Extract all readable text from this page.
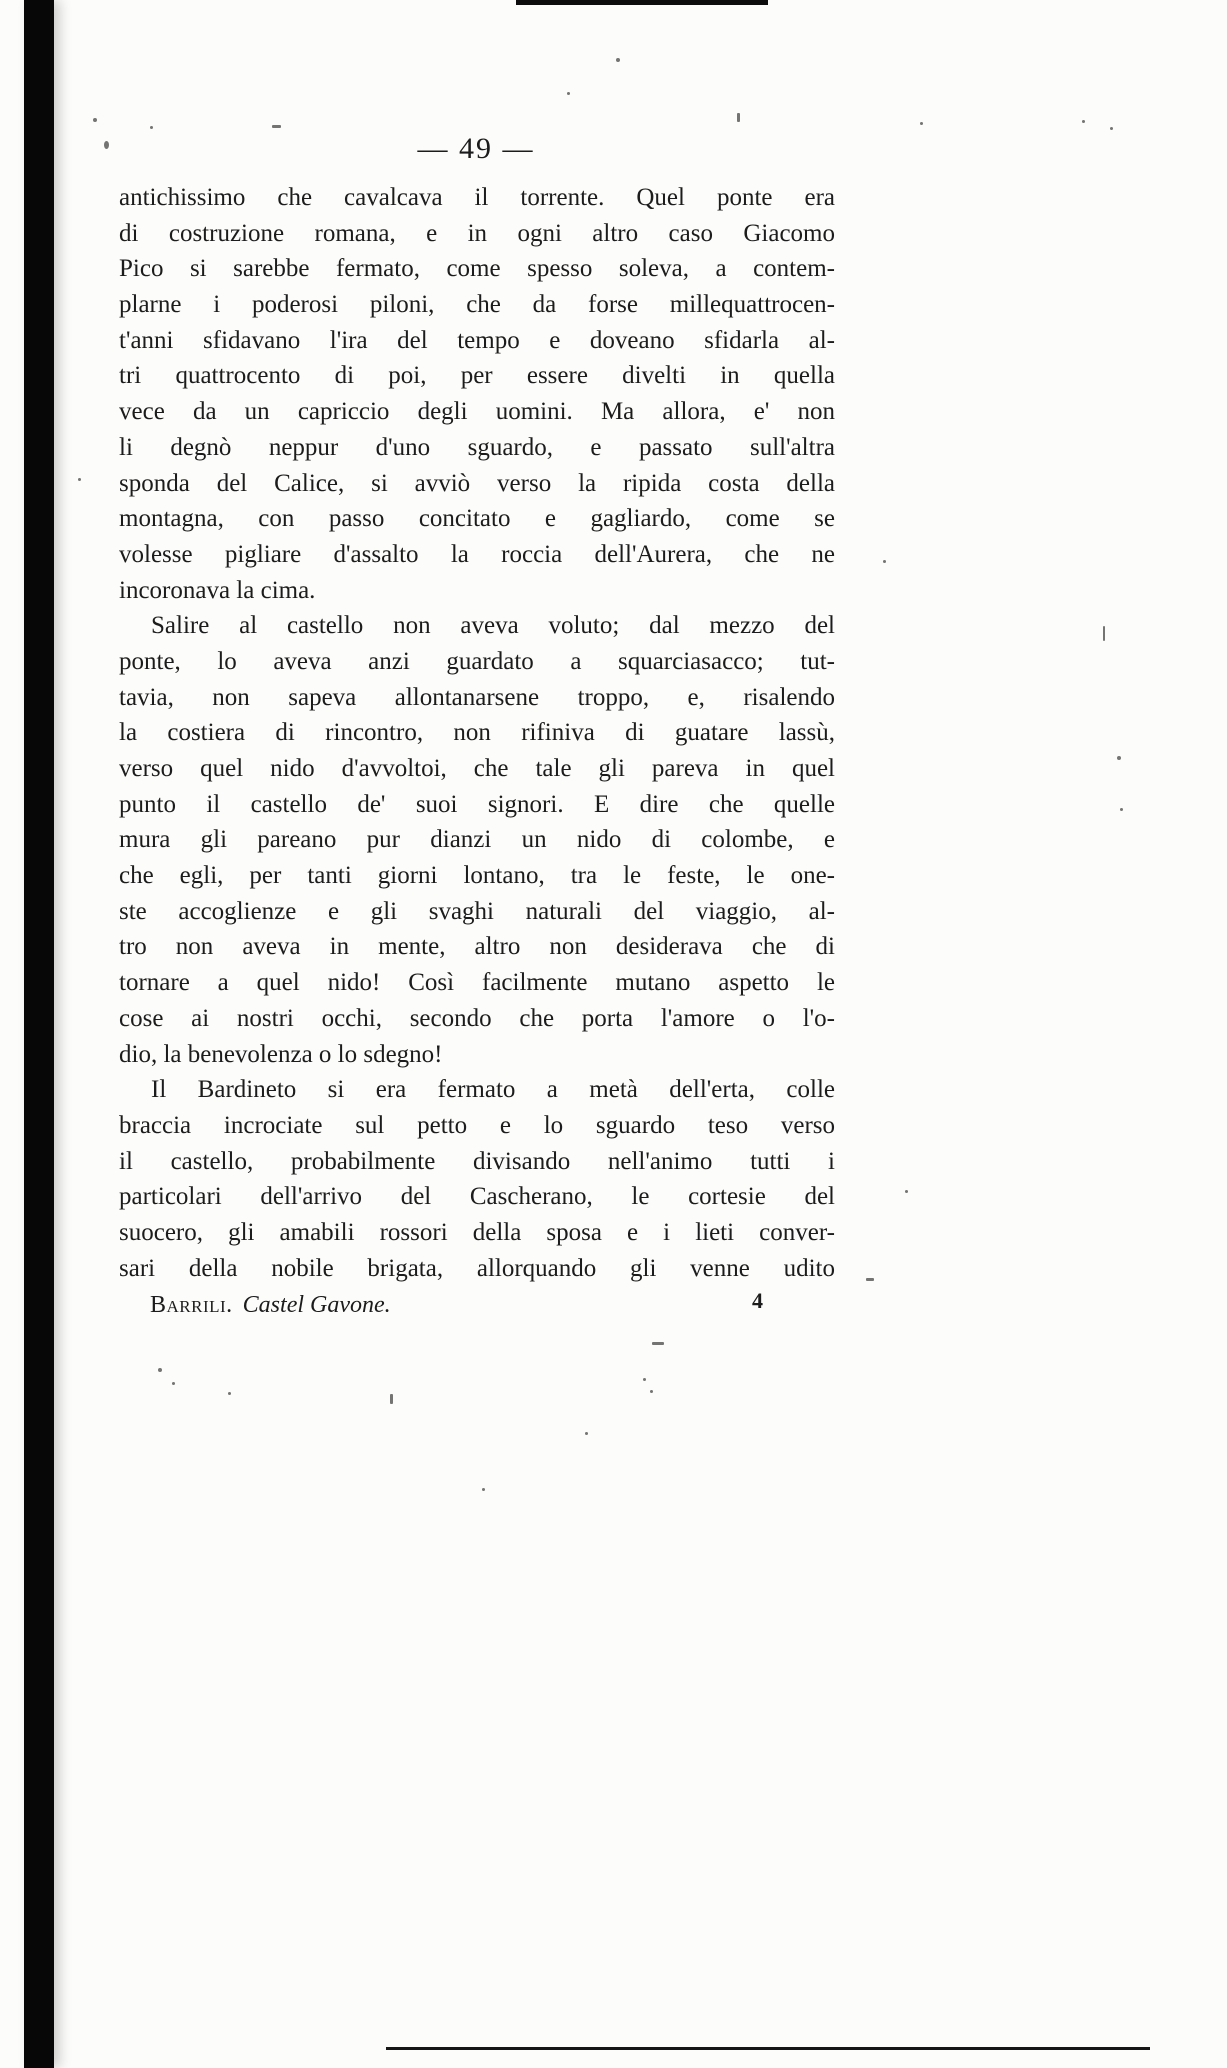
— 49 —
antichissimo che cavalcava il torrente. Quel ponte era
di costruzione romana, e in ogni altro caso Giacomo
Pico si sarebbe fermato, come spesso soleva, a contem-
plarne i poderosi piloni, che da forse millequattrocen-
t'anni sfidavano l'ira del tempo e doveano sfidarla al-
tri quattrocento di poi, per essere divelti in quella
vece da un capriccio degli uomini. Ma allora, e' non
li degnò neppur d'uno sguardo, e passato sull'altra
sponda del Calice, si avviò verso la ripida costa della
montagna, con passo concitato e gagliardo, come se
volesse pigliare d'assalto la roccia dell'Aurera, che ne
incoronava la cima.
Salire al castello non aveva voluto; dal mezzo del
ponte, lo aveva anzi guardato a squarciasacco; tut-
tavia, non sapeva allontanarsene troppo, e, risalendo
la costiera di rincontro, non rifiniva di guatare lassù,
verso quel nido d'avvoltoi, che tale gli pareva in quel
punto il castello de' suoi signori. E dire che quelle
mura gli pareano pur dianzi un nido di colombe, e
che egli, per tanti giorni lontano, tra le feste, le one-
ste accoglienze e gli svaghi naturali del viaggio, al-
tro non aveva in mente, altro non desiderava che di
tornare a quel nido! Così facilmente mutano aspetto le
cose ai nostri occhi, secondo che porta l'amore o l'o-
dio, la benevolenza o lo sdegno!
Il Bardineto si era fermato a metà dell'erta, colle
braccia incrociate sul petto e lo sguardo teso verso
il castello, probabilmente divisando nell'animo tutti i
particolari dell'arrivo del Cascherano, le cortesie del
suocero, gli amabili rossori della sposa e i lieti conver-
sari della nobile brigata, allorquando gli venne udito
Barrili. Castel Gavone.	4
